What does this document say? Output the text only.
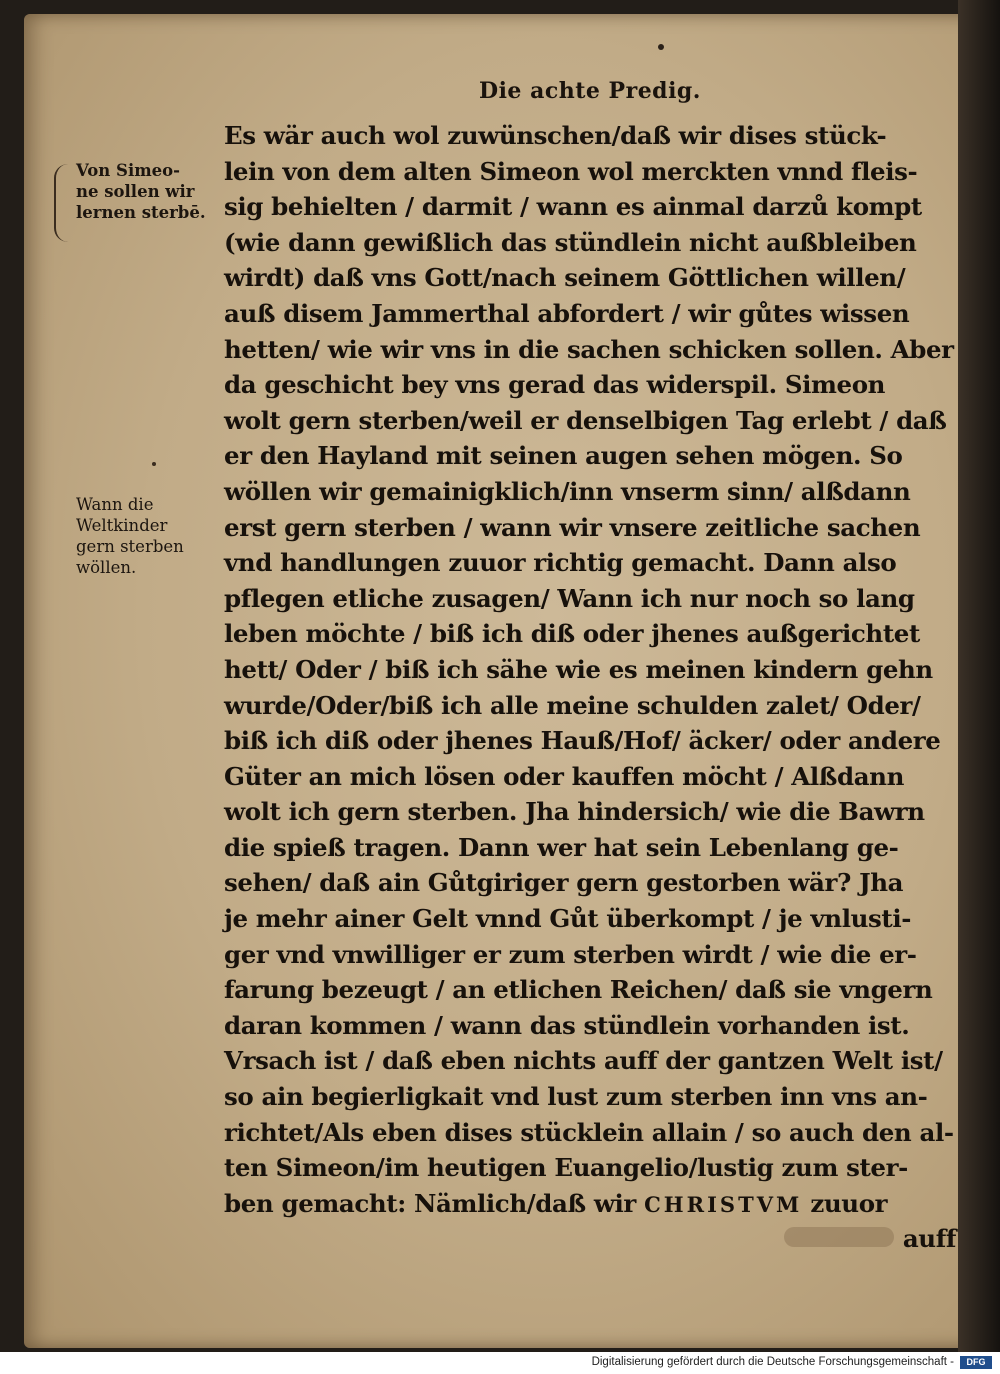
Die achte Predig.
Von Simeo-
ne sollen wir
lernen sterbē.
Wann die
Weltkinder
gern sterben
wöllen.
Es wär auch wol zuwünschen/daß wir dises stück-
lein von dem alten Simeon wol merckten vnnd fleis-
sig behielten / darmit / wann es ainmal darzů kompt
(wie dann gewißlich das stündlein nicht außbleiben
wirdt) daß vns Gott/nach seinem Göttlichen willen/
auß disem Jammerthal abfordert / wir gůtes wissen
hetten/ wie wir vns in die sachen schicken sollen. Aber
da geschicht bey vns gerad das widerspil. Simeon
wolt gern sterben/weil er denselbigen Tag erlebt / daß
er den Hayland mit seinen augen sehen mögen. So
wöllen wir gemainigklich/inn vnserm sinn/ alßdann
erst gern sterben / wann wir vnsere zeitliche sachen
vnd handlungen zuuor richtig gemacht. Dann also
pflegen etliche zusagen/ Wann ich nur noch so lang
leben möchte / biß ich diß oder jhenes außgerichtet
hett/ Oder / biß ich sähe wie es meinen kindern gehn
wurde/Oder/biß ich alle meine schulden zalet/ Oder/
biß ich diß oder jhenes Hauß/Hof/ äcker/ oder andere
Güter an mich lösen oder kauffen möcht / Alßdann
wolt ich gern sterben. Jha hindersich/ wie die Bawrn
die spieß tragen. Dann wer hat sein Lebenlang ge-
sehen/ daß ain Gůtgiriger gern gestorben wär? Jha
je mehr ainer Gelt vnnd Gůt überkompt / je vnlusti-
ger vnd vnwilliger er zum sterben wirdt / wie die er-
farung bezeugt / an etlichen Reichen/ daß sie vngern
daran kommen / wann das stündlein vorhanden ist.
Vrsach ist / daß eben nichts auff der gantzen Welt ist/
so ain begierligkait vnd lust zum sterben inn vns an-
richtet/Als eben dises stücklein allain / so auch den al-
ten Simeon/im heutigen Euangelio/lustig zum ster-
ben gemacht: Nämlich/daß wir CHRISTVM zuuor
auff
Digitalisierung gefördert durch die Deutsche Forschungsgemeinschaft -	DFG
